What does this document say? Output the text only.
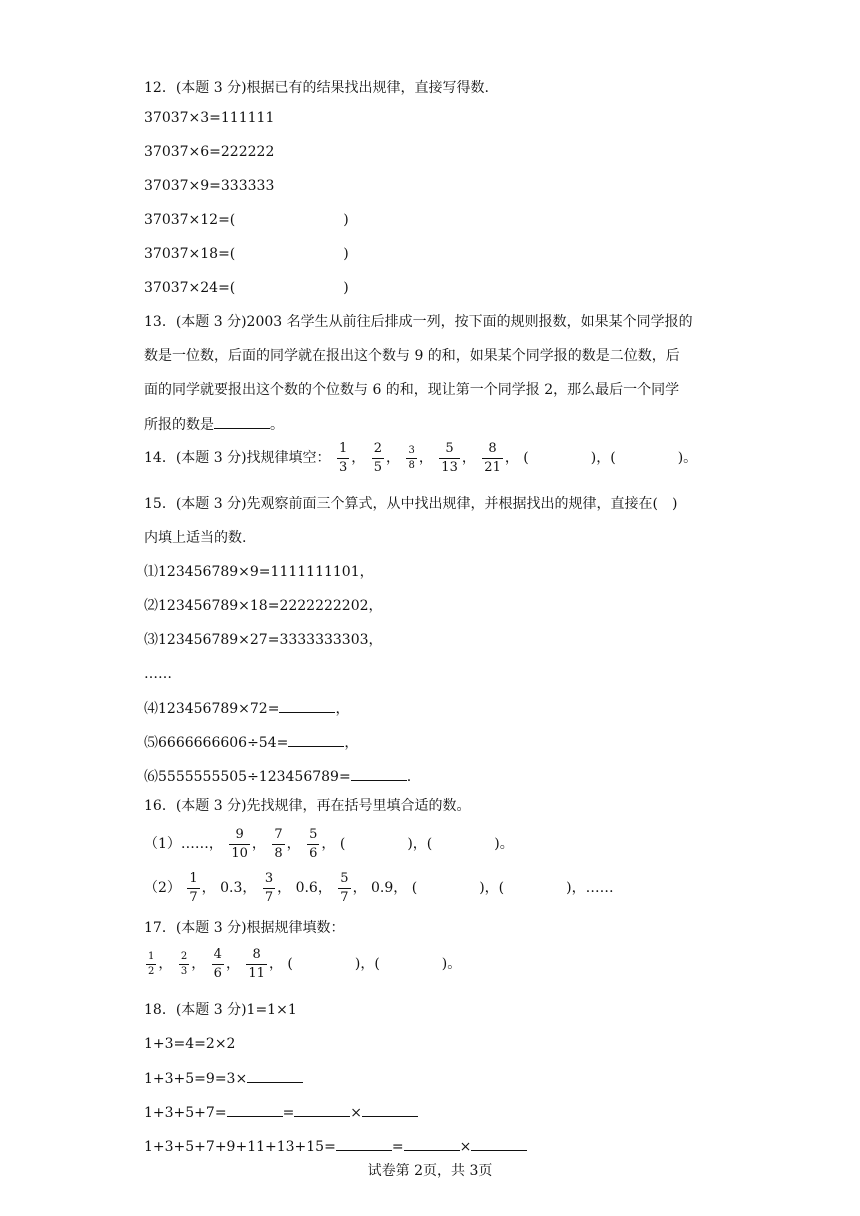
12．(本题 3 分)根据已有的结果找出规律，直接写得数.
37037×3=111111
37037×6=222222
37037×9=333333
37037×12=(	)
37037×18=(	)
37037×24=(	)
13．(本题 3 分)2003 名学生从前往后排成一列，按下面的规则报数，如果某个同学报的
数是一位数，后面的同学就在报出这个数与 9 的和，如果某个同学报的数是二位数，后
面的同学就要报出这个数的个位数与 6 的和，现让第一个同学报 2，那么最后一个同学
所报的数是	。
14．(本题 3 分)找规律填空： $\frac{1}{3}$ ， $\frac{2}{5}$ ， $\frac{3}{8}$ ， $\frac{5}{13}$ ， $\frac{8}{21}$ ， (	)，(	)。
15．(本题 3 分)先观察前面三个算式，从中找出规律，并根据找出的规律，直接在(　)
内填上适当的数.
⑴123456789×9=1111111101，
⑵123456789×18=2222222202，
⑶123456789×27=3333333303，
……
⑷123456789×72=	，
⑸6666666606÷54=	，
⑹5555555505÷123456789=	.
16．(本题 3 分)先找规律，再在括号里填合适的数。
（1）……， $\frac{9}{10}$ ， $\frac{7}{8}$ ， $\frac{5}{6}$ ， (	)，(	)。
$(2) \frac{1}{7}$ ， 0.3， $\frac{3}{7}$ ， 0.6， $\frac{5}{7}$ ， 0.9， (	)，(	)，……
17．(本题 3 分)根据规律填数：
$\frac{1}{2}$ ， $\frac{2}{3}$ ， $\frac{4}{6}$ ， $\frac{8}{11}$ ， (	)，(	)。
18．(本题 3 分)1=1×1
1+3=4=2×2
1+3+5=9=3×
1+3+5+7=	=	×
1+3+5+7+9+11+13+15=	=	×
试卷第 2页，共 3页
